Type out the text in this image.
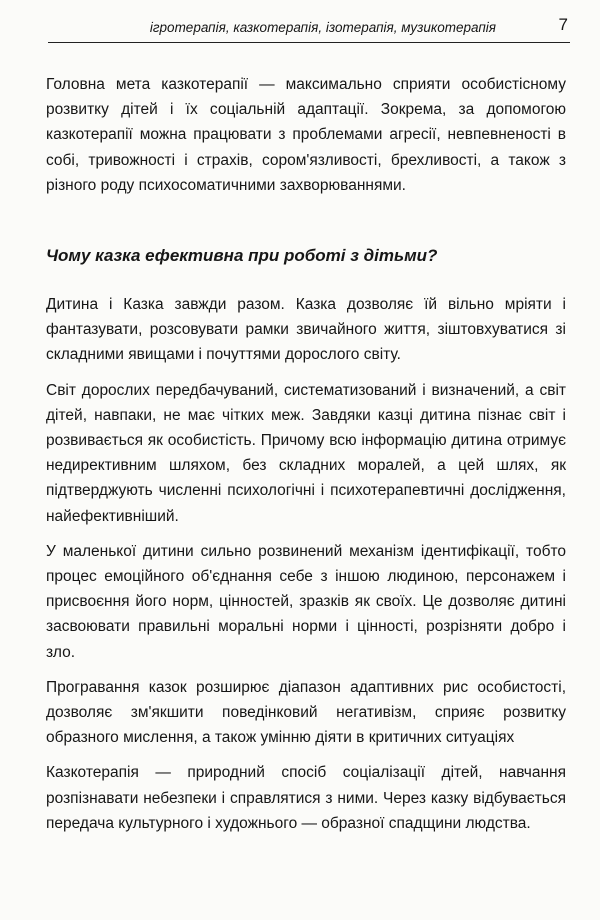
ігротерапія, казкотерапія, ізотерапія, музикотерапія	7

Головна мета казкотерапії — максимально сприяти особистісному розвитку дітей і їх соціальній адаптації. Зокрема, за допомогою казкотерапії можна працювати з проблемами агресії, невпевненості в собі, тривожності і страхів, сором'язливості, брехливості, а також з різного роду психосоматичними захворюваннями.

Чому казка ефективна при роботі з дітьми?

Дитина і Казка завжди разом. Казка дозволяє їй вільно мріяти і фантазувати, розсовувати рамки звичайного життя, зіштовхуватися зі складними явищами і почуттями дорослого світу.

Світ дорослих передбачуваний, систематизований і визначений, а світ дітей, навпаки, не має чітких меж. Завдяки казці дитина пізнає світ і розвивається як особистість. Причому всю інформацію дитина отримує недирективним шляхом, без складних моралей, а цей шлях, як підтверджують численні психологічні і психотерапевтичні дослідження, найефективніший.

У маленької дитини сильно розвинений механізм ідентифікації, тобто процес емоційного об'єднання себе з іншою людиною, персонажем і присвоєння його норм, цінностей, зразків як своїх. Це дозволяє дитині засвоювати правильні моральні норми і цінності, розрізняти добро і зло.

Програвання казок розширює діапазон адаптивних рис особистості, дозволяє зм'якшити поведінковий негативізм, сприяє розвитку образного мислення, а також умінню діяти в критичних ситуаціях

Казкотерапія — природний спосіб соціалізації дітей, навчання розпізнавати небезпеки і справлятися з ними. Через казку відбувається передача культурного і художнього — образної спадщини людства.
